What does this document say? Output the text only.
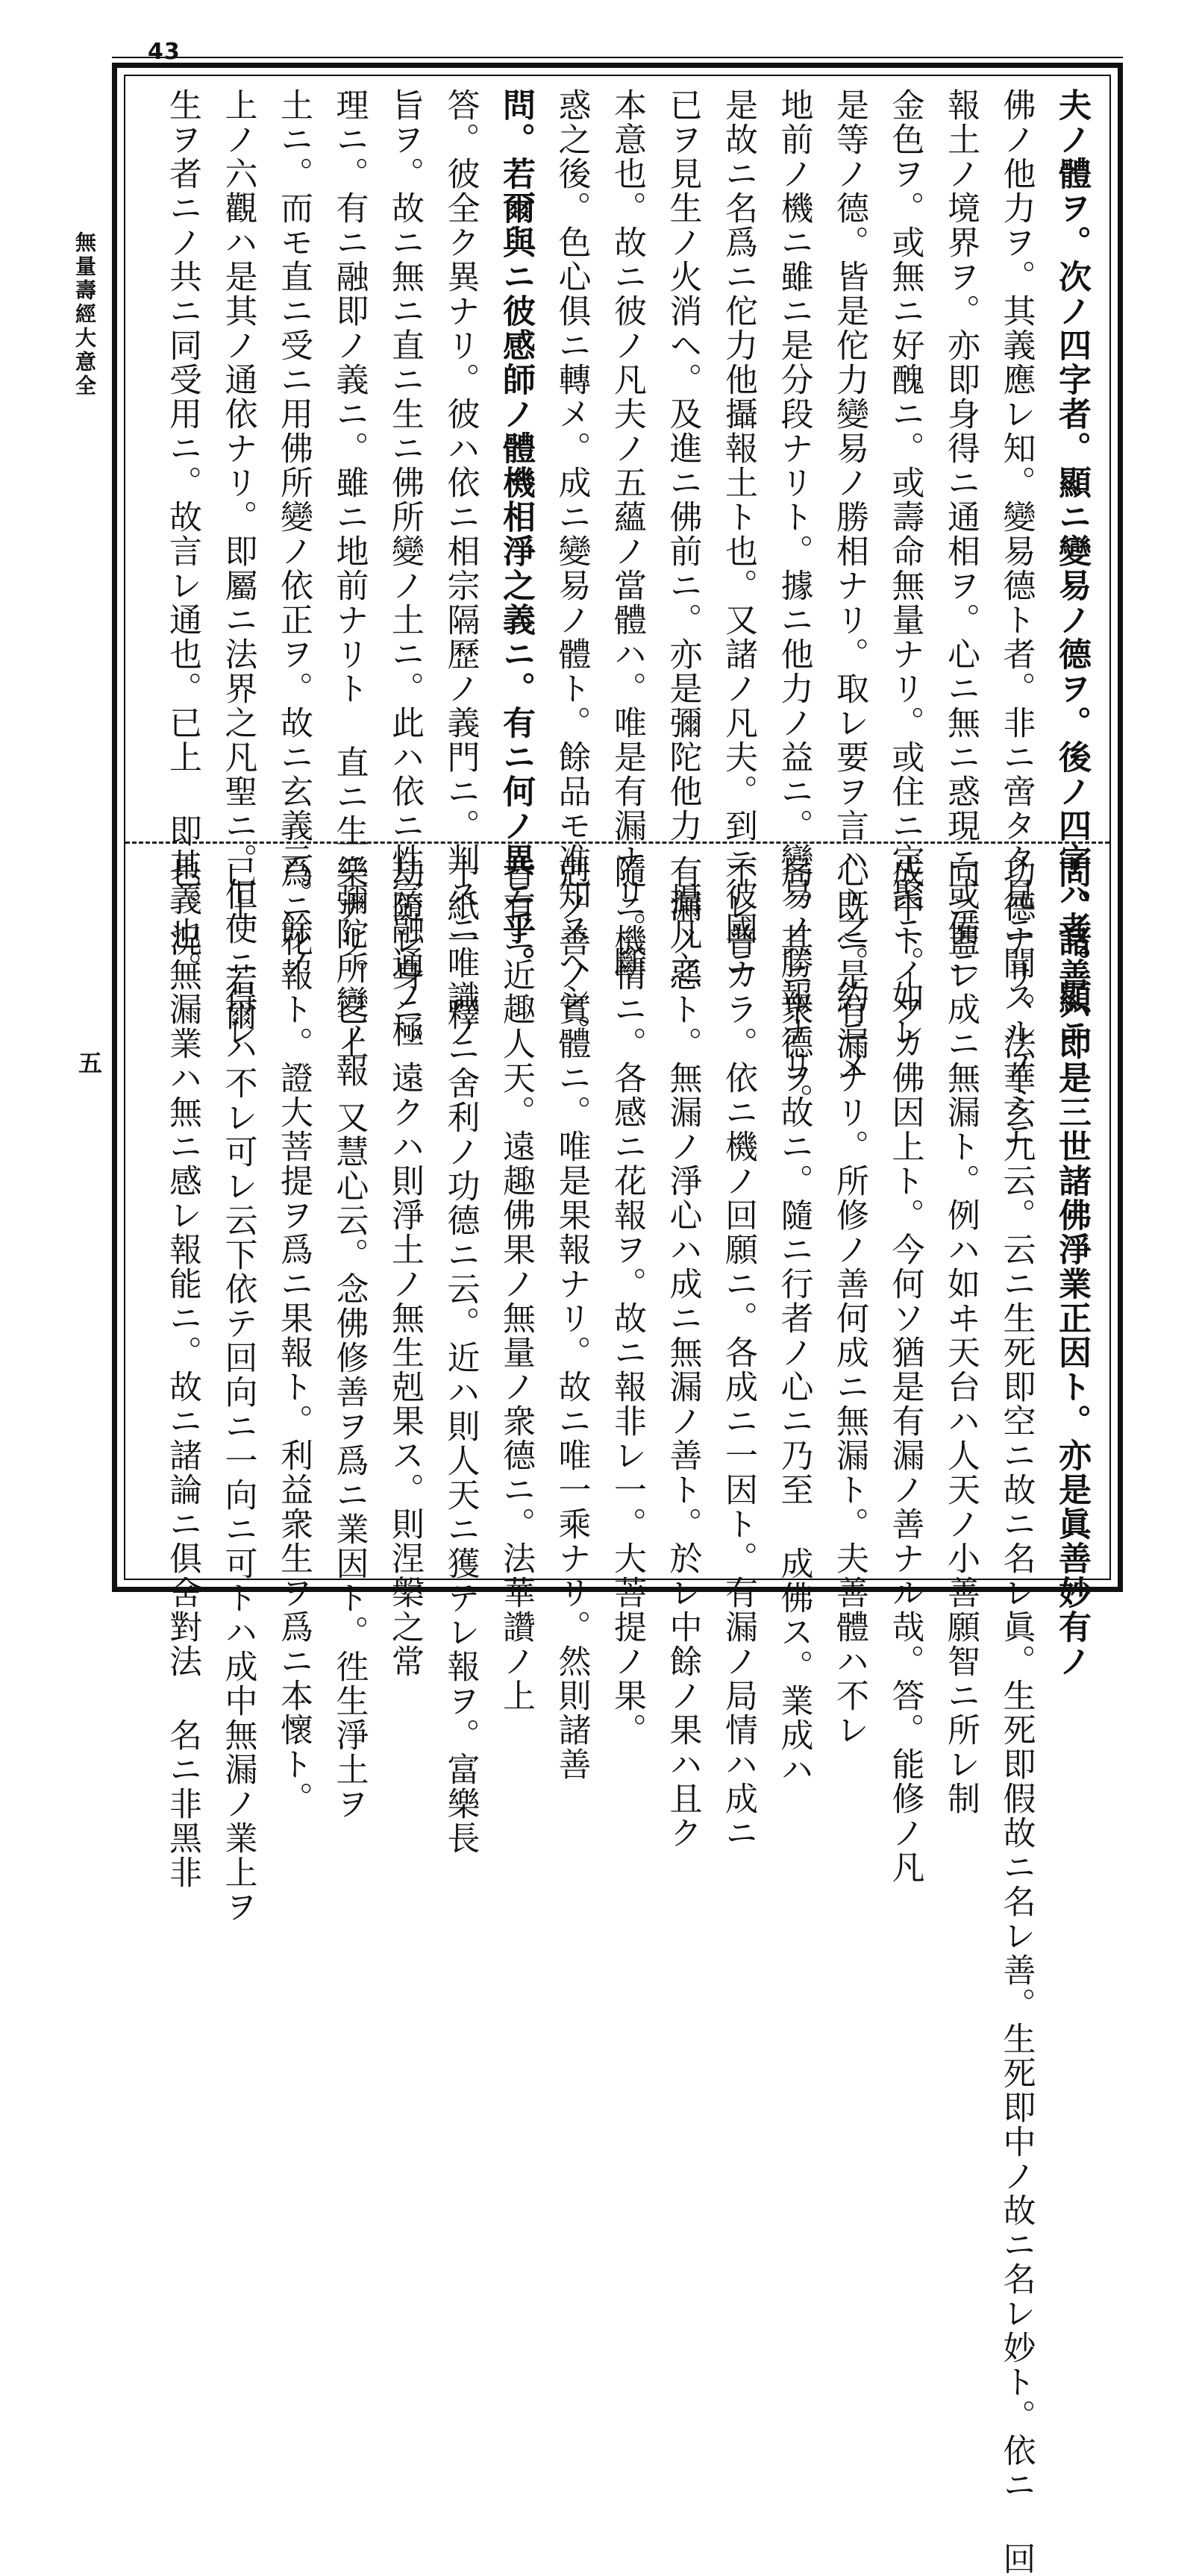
43
無量壽經大意全
五
夫ノ體ヲ。次ノ四字者。顯ニ變易ノ德ヲ。後ノ四字ハ者。顯ニ
佛ノ他力ヲ。其義應レ知。變易德ト者。非ニ啻タタ見ニ聞スルノミニ
報土ノ境界ヲ。亦即身得ニ通相ヲ。心ニ無ニ惑現ニ或備ニ
金色ヲ。或無ニ好醜ニ。或壽命無量ナリ。或住ニ定聚ニ。如レ
是等ノ德。皆是佗力變易ノ勝相ナリ。取レ要ヲ言ハヽ之。約ニメ
地前ノ機ニ雖ニ是分段ナリト。據ニ他力ノ益ニ。變易ノ勝報ナリ。
是故ニ名爲ニ佗力他攝報土ト也。又諸ノ凡夫。到ニ彼國ニ
已ヲ見生ノ火消ヘ。及進ニ佛前ニ。亦是彌陀他力 攝凡之
本意也。故ニ彼ノ凡夫ノ五蘊ノ當體ハ。唯是有漏ナリ。斷
惑之後。色心俱ニ轉メ。成ニ變易ノ體ト。餘品モ准知スヘシ。
問。若爾與ニ彼感師ノ體機相淨之義ニ。有ニ何ノ異ニ乎。
答。彼全ク異ナリ。彼ハ依ニ相宗隔歷ノ義門ニ。判スニ唯識ノ
旨ヲ。故ニ無ニ直ニ生ニ佛所變ノ土ニ。此ハ依ニ性宗融通ノ極
理ニ。有ニ融即ノ義ニ。雖ニ地前ナリト 直ニ生ニ彌陀所變ノ報
土ニ。而モ直ニ受ニ用佛所變ノ依正ヲ。故ニ玄義云。餘ノ
上ノ六觀ハ是其ノ通依ナリ。即屬ニ法界之凡聖ニ。但使ニ得レ
生ヲ者ニノ共ニ同受用ニ。故言レ通也。已上 即其義也。
問。諸善ハ即是三世諸佛淨業正因ト。亦是眞善妙有ノ
功德ナリ。法華玄九云。云ニ生死即空ニ故ニ名レ眞。生死即假故ニ名レ善。生死即中ノ故ニ名レ妙ト。依ニ 回
向ニ蓋レ成ニ無漏ト。例ハ如ヰ天台ハ人天ノ小善願智ニ所レ制
成中トイフカ佛因上ト。今何ソ猶是有漏ノ善ナル哉。答。能修ノ凡
心既ニ是有漏ナリ。所修ノ善何成ニ無漏ト。夫善體ハ不レ
局。其ニ衆德ヲ故ニ。隨ニ行者ノ心ニ乃至 成佛ス。業成ハ
不レ普カラ。依ニ機ノ回願ニ。各成ニ一因ト。有漏ノ局情ハ成ニ
有漏ノ惡ト。無漏ノ淨心ハ成ニ無漏ノ善ト。於レ中餘ノ果ハ且ク
隨ニ機情ニ。各感ニ花報ヲ。故ニ報非レ一。大菩提ノ果。
剋ノ善ノ實體ニ。唯是果報ナリ。故ニ唯一乘ナリ。然則諸善
皆有ニ近趣人天。遠趣佛果ノ無量ノ衆德ニ。法華讚ノ上
十紙一 釋ニ舍利ノ功德ニ云。近ハ則人天ニ獲テレ報ヲ。富樂長
劫隨レ身ニ。遠クハ則淨土ノ無生剋果ス。則涅槃之常
樂ナリ。已上 又慧心云。念佛修善ヲ爲ニ業因ト。徃生淨土ヲ
爲ニ花報ト。證大菩提ヲ爲ニ果報ト。利益衆生ヲ爲ニ本懷ト。
已上 若爾ハ不レ可レ云下依テ回向ニ一向ニ可トハ成中無漏ノ業上ヲ
也。況無漏業ハ無ニ感レ報能ニ。故ニ諸論ニ俱舍對法 名ニ非黑非
